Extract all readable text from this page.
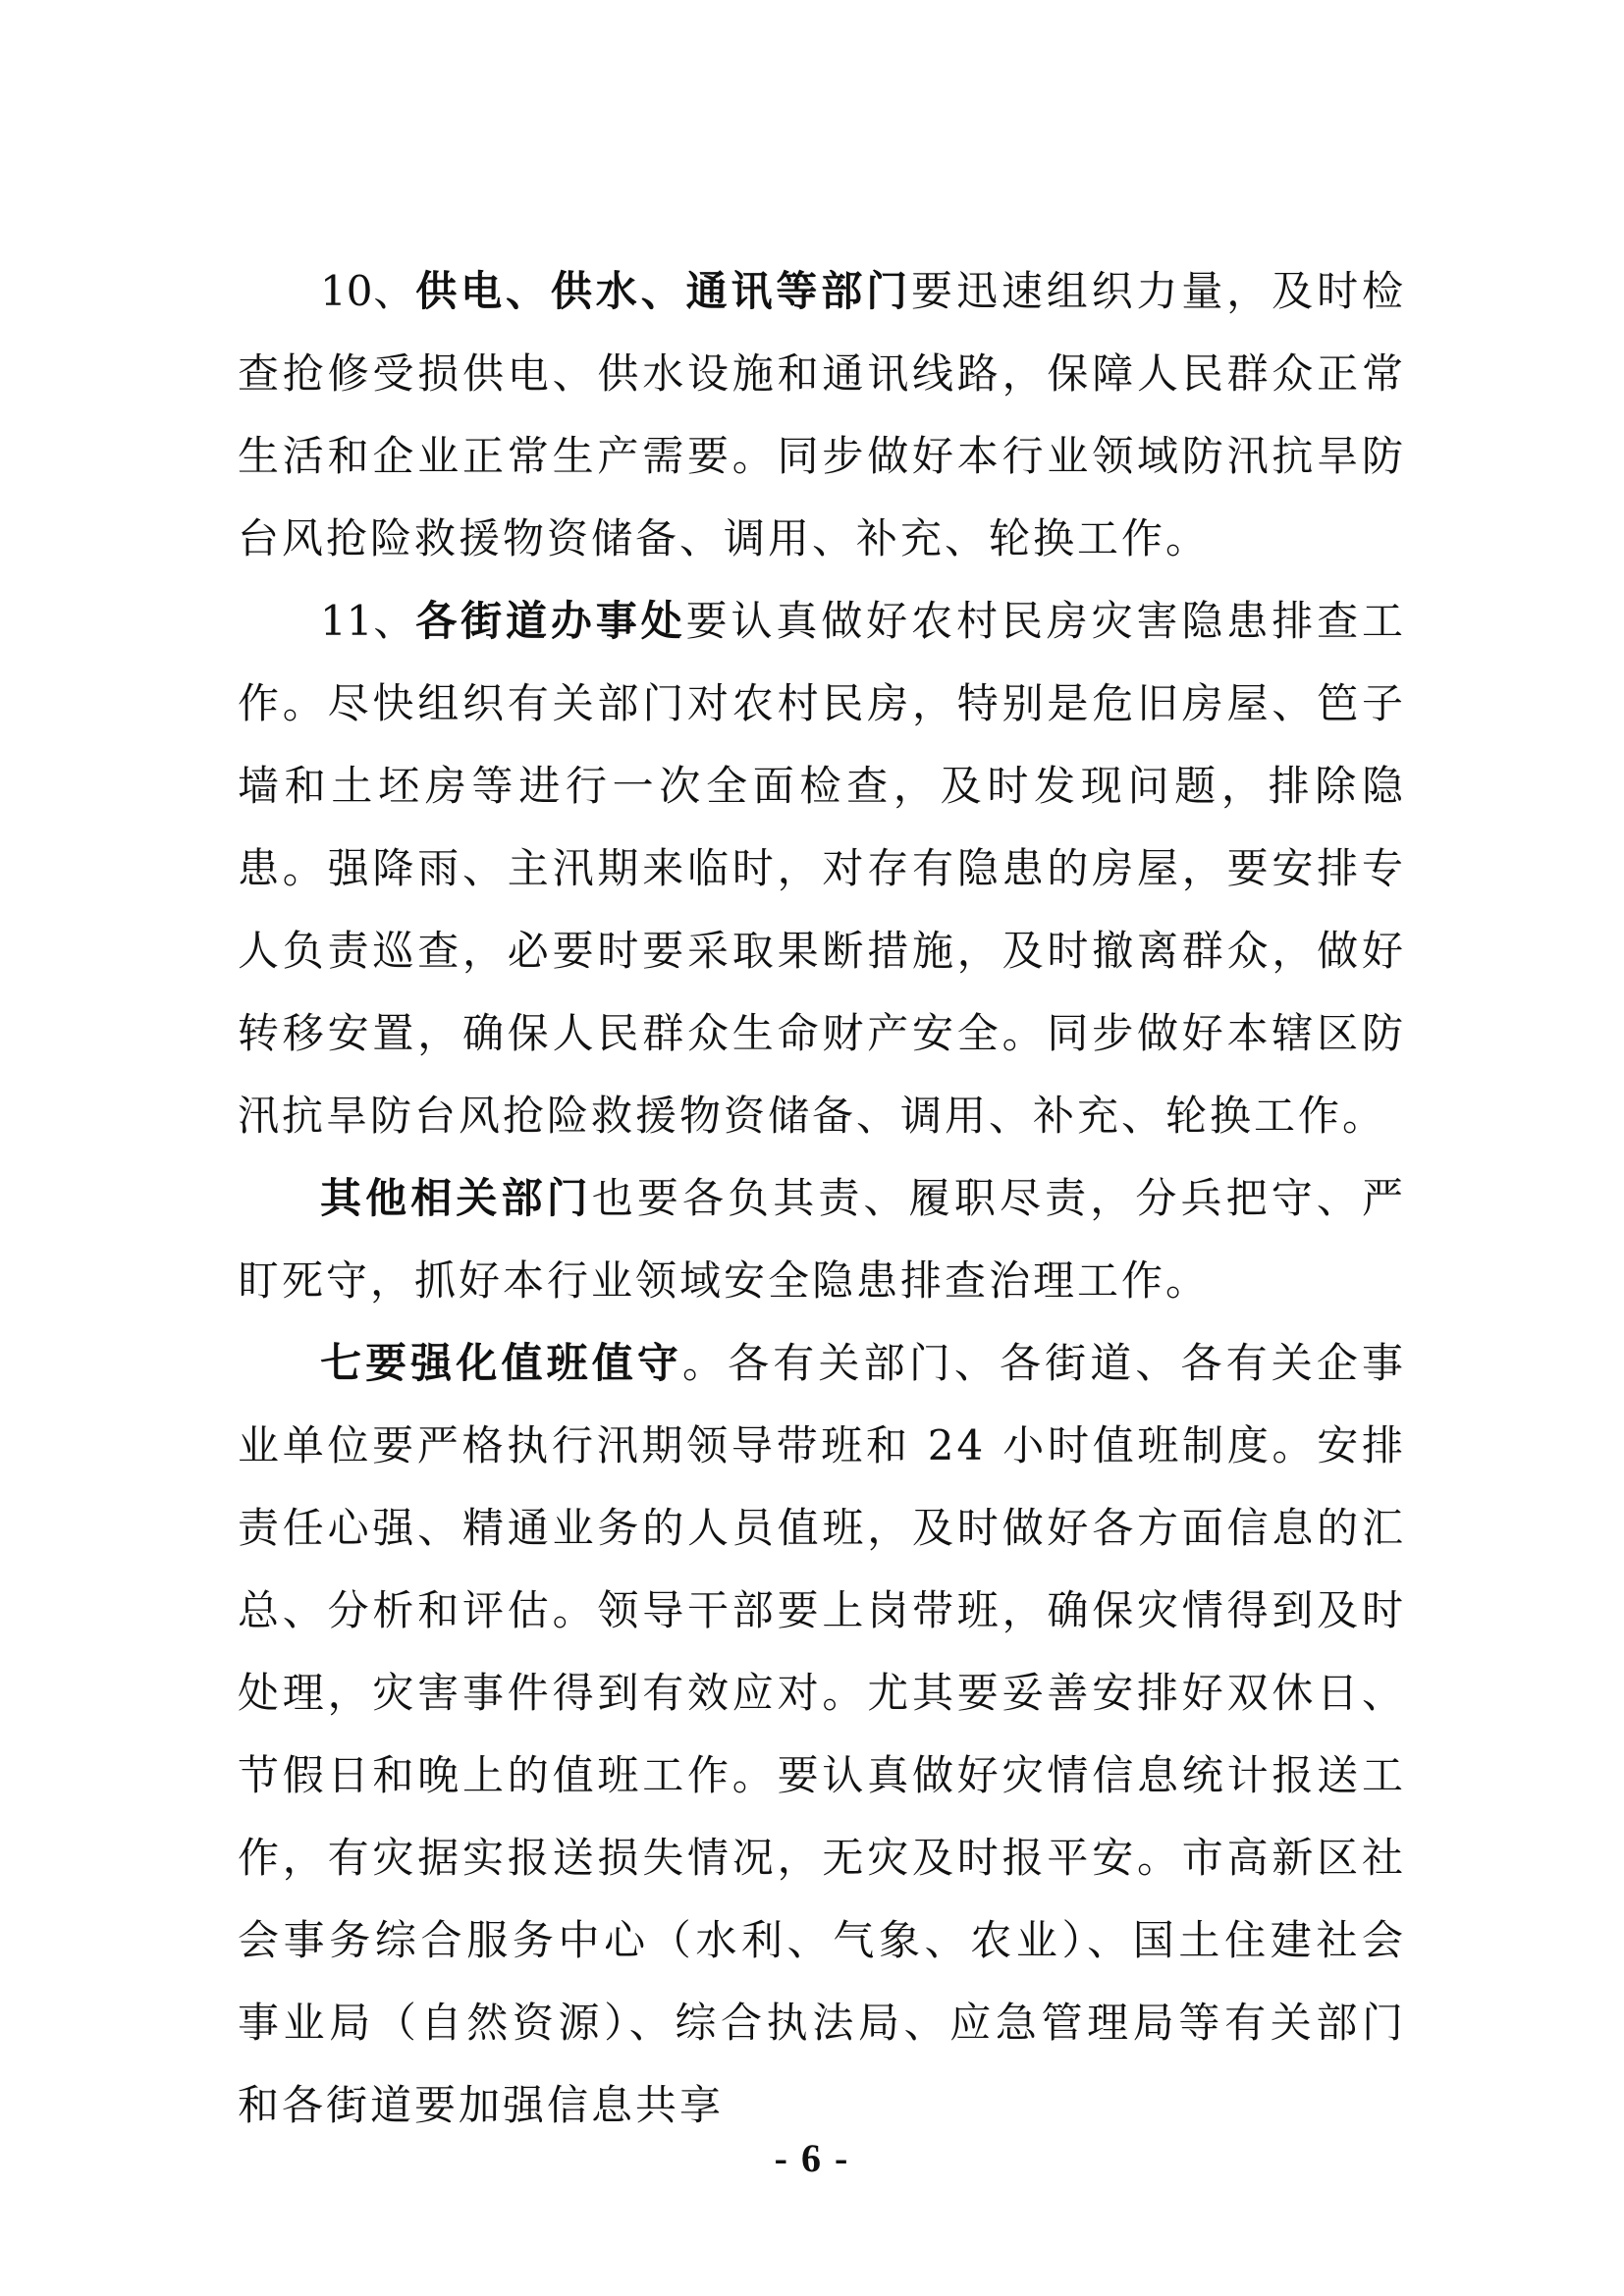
10、供电、供水、通讯等部门要迅速组织力量，及时检查抢修受损供电、供水设施和通讯线路，保障人民群众正常生活和企业正常生产需要。同步做好本行业领域防汛抗旱防台风抢险救援物资储备、调用、补充、轮换工作。

11、各街道办事处要认真做好农村民房灾害隐患排查工作。尽快组织有关部门对农村民房，特别是危旧房屋、笆子墙和土坯房等进行一次全面检查，及时发现问题，排除隐患。强降雨、主汛期来临时，对存有隐患的房屋，要安排专人负责巡查，必要时要采取果断措施，及时撤离群众，做好转移安置，确保人民群众生命财产安全。同步做好本辖区防汛抗旱防台风抢险救援物资储备、调用、补充、轮换工作。

其他相关部门也要各负其责、履职尽责，分兵把守、严盯死守，抓好本行业领域安全隐患排查治理工作。

七要强化值班值守。各有关部门、各街道、各有关企事业单位要严格执行汛期领导带班和 24 小时值班制度。安排责任心强、精通业务的人员值班，及时做好各方面信息的汇总、分析和评估。领导干部要上岗带班，确保灾情得到及时处理，灾害事件得到有效应对。尤其要妥善安排好双休日、节假日和晚上的值班工作。要认真做好灾情信息统计报送工作，有灾据实报送损失情况，无灾及时报平安。市高新区社会事务综合服务中心（水利、气象、农业）、国土住建社会事业局（自然资源）、综合执法局、应急管理局等有关部门和各街道要加强信息共享

- 6 -
